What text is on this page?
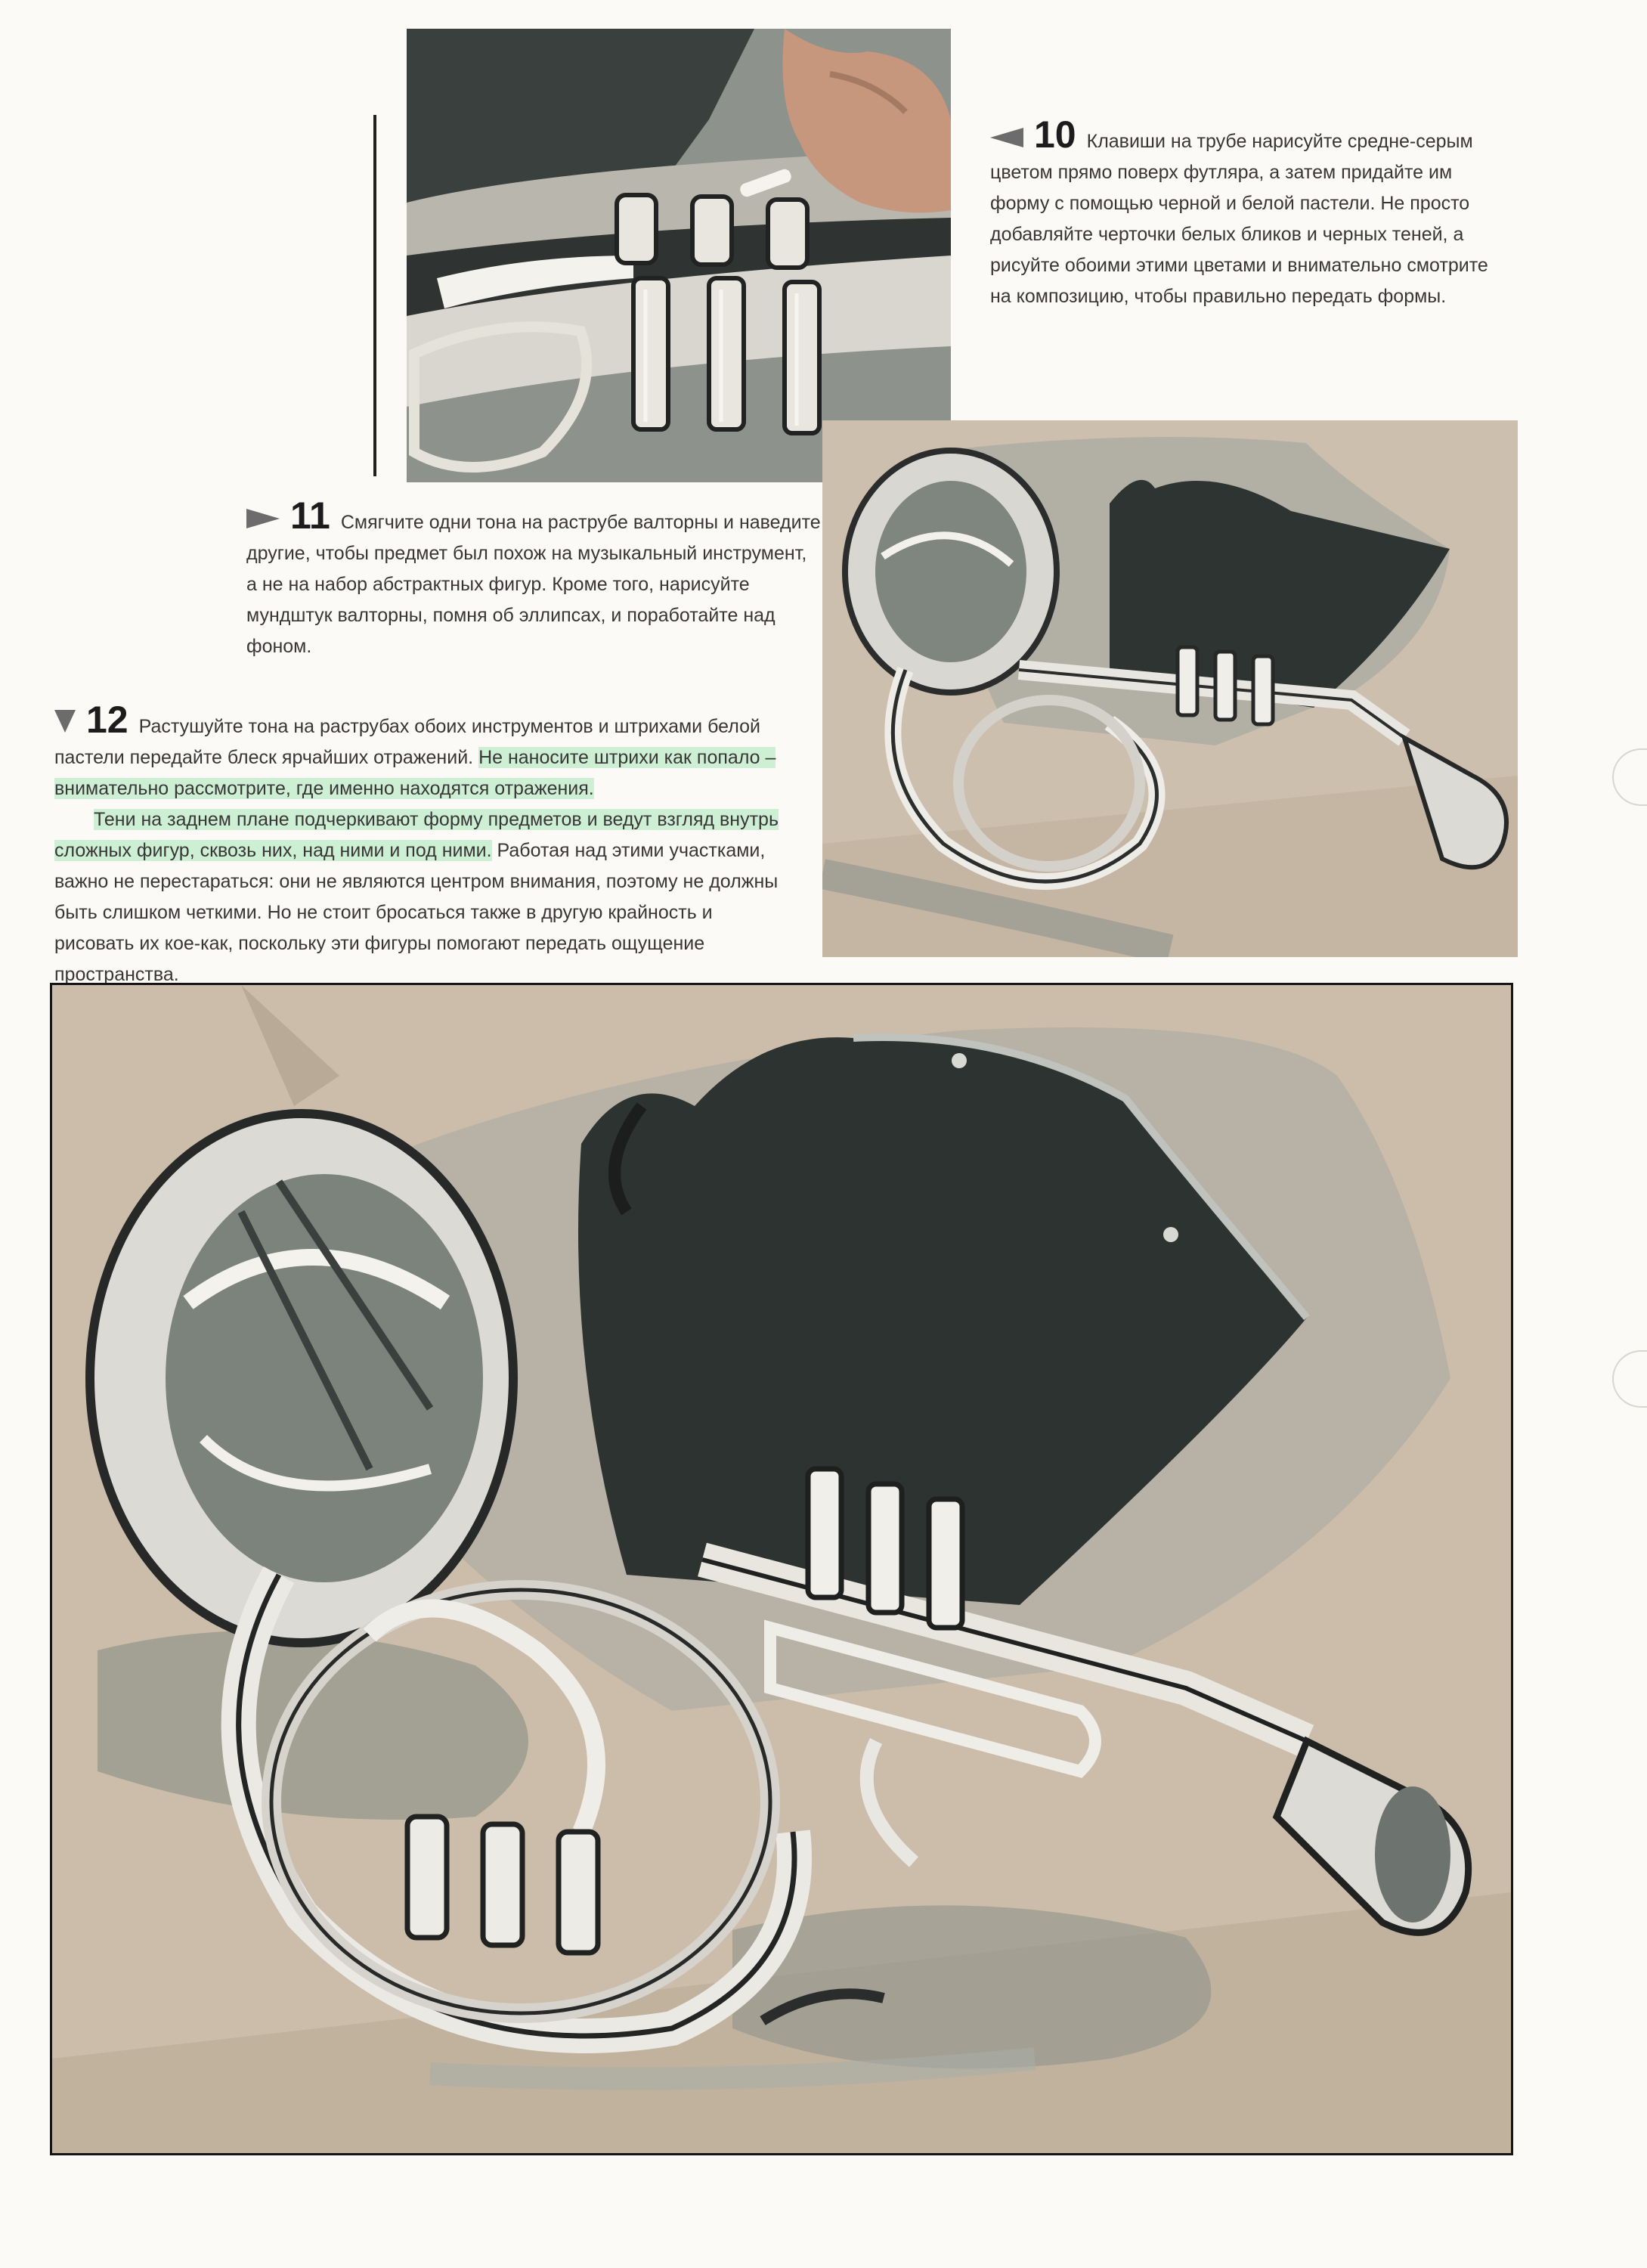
10 Клавиши на трубе нарисуйте средне-серым цветом прямо поверх футляра, а затем придайте им форму с помощью черной и белой пастели. Не просто добавляйте черточки белых бликов и черных теней, а рисуйте обоими этими цветами и внимательно смотрите на композицию, чтобы правильно передать формы.

11 Смягчите одни тона на раструбе валторны и наведите другие, чтобы предмет был похож на музыкальный инструмент, а не на набор абстрактных фигур. Кроме того, нарисуйте мундштук валторны, помня об эллипсах, и поработайте над фоном.

12 Растушуйте тона на раструбах обоих инструментов и штрихами белой пастели передайте блеск ярчайших отражений. Не наносите штрихи как попало – внимательно рассмотрите, где именно находятся отражения.

Тени на заднем плане подчеркивают форму предметов и ведут взгляд внутрь сложных фигур, сквозь них, над ними и под ними. Работая над этими участками, важно не перестараться: они не являются центром внимания, поэтому не должны быть слишком четкими. Но не стоит бросаться также в другую крайность и рисовать их кое-как, поскольку эти фигуры помогают передать ощущение пространства.
